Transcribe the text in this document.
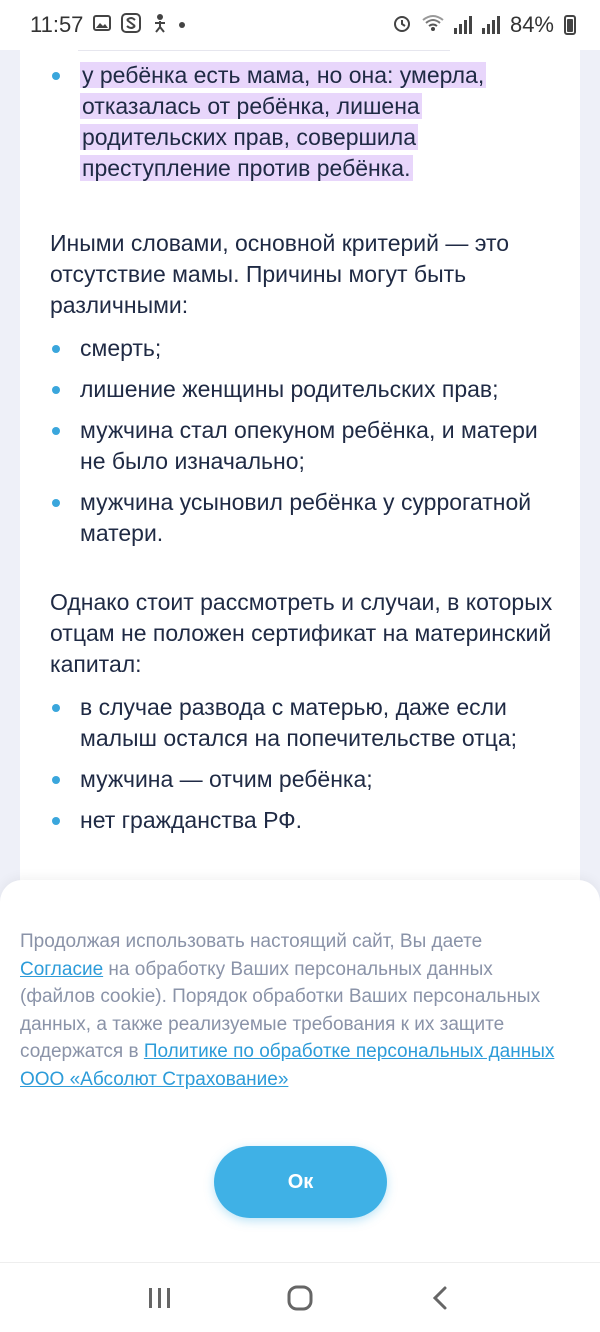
11:57	84%
у ребёнка есть мама, но она: умерла, отказалась от ребёнка, лишена родительских прав, совершила преступление против ребёнка.

Иными словами, основной критерий — это отсутствие мамы. Причины могут быть различными:

смерть;
лишение женщины родительских прав;
мужчина стал опекуном ребёнка, и матери не было изначально;
мужчина усыновил ребёнка у суррогатной матери.

Однако стоит рассмотреть и случаи, в которых отцам не положен сертификат на материнский капитал:

в случае развода с матерью, даже если малыш остался на попечительстве отца;
мужчина — отчим ребёнка;
нет гражданства РФ.
Продолжая использовать настоящий сайт, Вы даете Согласие на обработку Ваших персональных данных (файлов cookie). Порядок обработки Ваших персональных данных, а также реализуемые требования к их защите содержатся в Политике по обработке персональных данных ООО «Абсолют Страхование»
Ок
